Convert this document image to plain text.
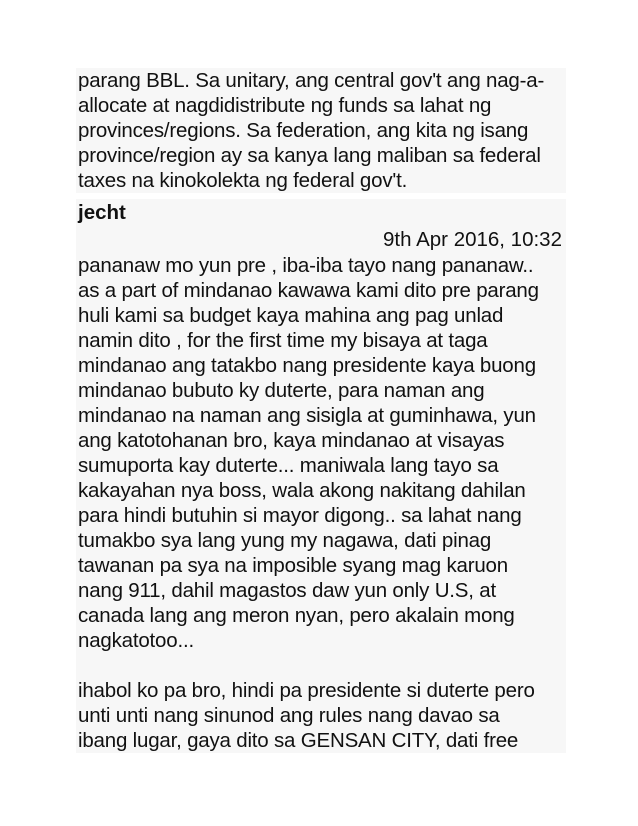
parang BBL. Sa unitary, ang central gov't ang nag-a-
allocate at nagdidistribute ng funds sa lahat ng
provinces/regions. Sa federation, ang kita ng isang
province/region ay sa kanya lang maliban sa federal
taxes na kinokolekta ng federal gov't.
jecht
9th Apr 2016, 10:32
pananaw mo yun pre , iba-iba tayo nang pananaw..
as a part of mindanao kawawa kami dito pre parang
huli kami sa budget kaya mahina ang pag unlad
namin dito , for the first time my bisaya at taga
mindanao ang tatakbo nang presidente kaya buong
mindanao bubuto ky duterte, para naman ang
mindanao na naman ang sisigla at guminhawa, yun
ang katotohanan bro, kaya mindanao at visayas
sumuporta kay duterte... maniwala lang tayo sa
kakayahan nya boss, wala akong nakitang dahilan
para hindi butuhin si mayor digong.. sa lahat nang
tumakbo sya lang yung my nagawa, dati pinag
tawanan pa sya na imposible syang mag karuon
nang 911, dahil magastos daw yun only U.S, at
canada lang ang meron nyan, pero akalain mong
nagkatotoo...
ihabol ko pa bro, hindi pa presidente si duterte pero
unti unti nang sinunod ang rules nang davao sa
ibang lugar, gaya dito sa GENSAN CITY, dati free
